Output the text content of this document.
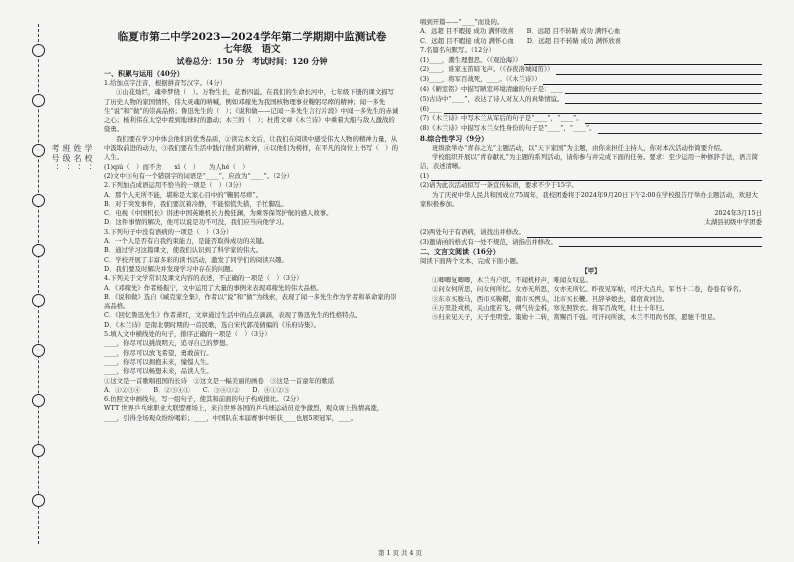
学校：
姓名：
班级：
考号：
临夏市第二中学2023—2024学年第二学期期中监测试卷
七年级　语文
试卷总分：150 分　考试时间：120 分钟
一、积累与运用（40分）
1.给加点字注音，根据拼音写汉字。（4分）
①山花灿烂，魂牵梦绕（　）。万物生长，花香四溢。在我们的生命长河中，七年级下册的课文描写了历史人物的家国情怀，伟大灵魂的呐喊，例如邓稼先为我国核物理事业鞠躬尽瘁的精神；闻一多先生“说”和“做”的崇高品格；鲁迅先生的（　）；《说和做——记闻一多先生言行片段》中闻一多先生的赤诚之心；杨利伟在太空中看到地球时的激动；木兰的（　）；杜甫文章《木兰诗》中乘着大船与敌人激战的骁勇。
我们要在学习中体会他们的优秀品质，②读完本文后，让我们在阅读中感受伟大人物的精神力量，从中汲取前进的动力，③我们要在生活中践行他们的精神，④以他们为榜样，在平凡的岗位上书写（　）的人生。
(1)qiú（　）而不舍　　xì（　）　　为人hé（　）
(2)文中③句有一个错别字的词语是“____”，应改为“____”。（2分）
2.下列加点成语运用不恰当的一项是（　）（3分）
A．那个人无所不能，堪称是大家心目中的“鞠躬尽瘁”。
B．对于突发事件，我们要沉着冷静，不能惊慌失措，手忙脚乱。
C．电视《中国机长》讲述中国英雄机长力挽狂澜，为乘客保驾护航的感人故事。
D．这件事情的解决，他可以说是功不可没，我们应当向他学习。
3.下列句子中没有语病的一项是（　）（3分）
A．一个人是否有自我约束能力，是能否取得成功的关键。
B．通过学习这篇课文，使我们认识到了科学家的伟大。
C．学校开展了丰富多彩的读书活动，激发了同学们的阅读兴趣。
D．我们要及时解决并发现学习中存在的问题。
4.下列关于文学常识及课文内容的表述，不正确的一项是（　）（3分）
A．《邓稼先》作者杨振宁，文中运用了大量的事例来表现邓稼先的伟大品格。
B．《说和做》选自《臧克家全集》，作者以“说”和“做”为线索，表现了闻一多先生作为学者和革命家的崇高品格。
C．《回忆鲁迅先生》作者萧红，文章通过生活中的点点滴滴，表现了鲁迅先生的性格特点。
D．《木兰诗》是南北朝时期的一首民歌，选自宋代郭茂倩编的《乐府诗集》。
5.填入文中横线处的句子，排序正确的一项是（　）（3分）
____，你尽可以挑战明天，追寻自己的梦想。
____，你尽可以放飞希望，勇敢前行。
____，你尽可以拥抱未来，憧憬人生。
____，你尽可以畅想未来，品读人生。
①这文是一首歌唱祖国的长诗　②这文是一幅美丽的画卷　③这是一首童年的歌谣
A．①②③④　　B．②③④①　　C．③④①②　　D．④①②③
6.仿照文中画线句，写一组句子，使其和前面的句子构成排比。（2分）
WTT 世界乒乓球职业大联盟赛场上，来自世界各国的乒乓球运动员竞争激烈，观众席上热情高涨，____，引得全场观众纷纷喝彩；____，中国队在本届赛事中斩获____也展5项冠军，____。
唱到开篇——“____”而设的。
A．远超 目不暇接 成功 满怀欣喜　　B．远超 目不转睛 成功 满怀心血
C．远超 目不暇接 成功 满怀心血　　D．远超 目不转睛 成功 满怀欣喜
7.名篇名句默写。（12分）
(1)____，潮生理想思。（《观沧海》）
(2)____，谁家玉笛暗飞声。（《春夜洛城闻笛》）
(3)____，将军百战死，____。（《木兰诗》）
(4)《陋室铭》中描写陋室环境清幽的句子是：____
(5)古诗中“____”，表达了诗人对友人的真挚情谊。
(6)____
(7)《木兰诗》中写木兰从军后的句子是“____”，“____”。
(8)《木兰诗》中描写木兰女性身份的句子是“____”，“____”。
8.综合性学习（9分）
班级欲举办“青春之光”主题活动，以“天下家国”为主题，由你来担任主持人，你对本次活动作简要介绍。
学校组织开展以“青春献礼”为主题的系列活动，请你参与并完成下面的任务。要求：至少运用一种修辞手法，语言简洁，表述清晰。
(1)
(2)请为此次活动拟写一条宣传标语，要求不少于15字。
为了庆祝中华人民共和国成立75周年，我校团委将于2024年9月20日下午2:00在学校报告厅举办主题活动，欢迎大家积极参加。
2024年3月15日
太湖县初级中学团委
(2)两处句子有语病，请找出并修改。
(3)邀请函的格式有一处不规范，请指出并修改。
二、文言文阅读（16分）
阅读下面两个文本，完成下面小题。
【甲】
①唧唧复唧唧，木兰当户织。不闻机杼声，唯闻女叹息。
②问女何所思，问女何所忆。女亦无所思，女亦无所忆。昨夜见军帖，可汗大点兵，军书十二卷，卷卷有爷名。
③东市买骏马，西市买鞍鞯，南市买辔头，北市买长鞭。旦辞爷娘去，暮宿黄河边。
④万里赴戎机，关山度若飞。朔气传金柝，寒光照铁衣。将军百战死，壮士十年归。
⑤归来见天子，天子坐明堂。策勋十二转，赏赐百千强。可汗问所欲，木兰不用尚书郎，愿驰千里足。
第 1 页 共 4 页
